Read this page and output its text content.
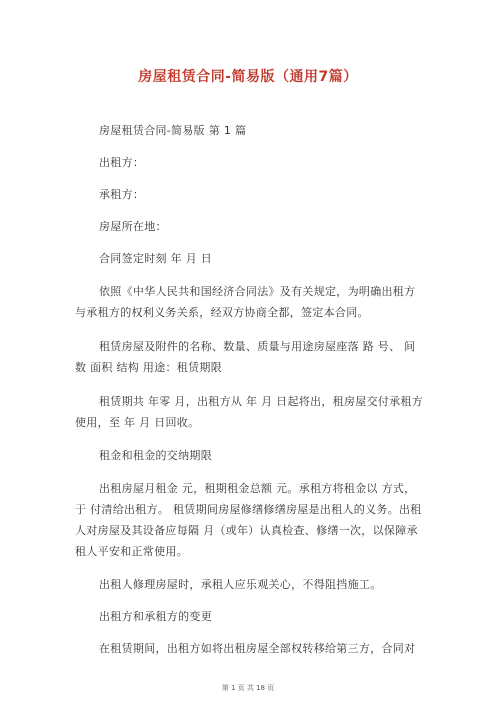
房屋租赁合同-简易版（通用7篇）

房屋租赁合同-简易版 第 1 篇

出租方：

承租方：

房屋所在地：

合同签定时刻 年 月 日

依照《中华人民共和国经济合同法》及有关规定，为明确出租方与承租方的权利义务关系，经双方协商全都，签定本合同。

租赁房屋及附件的名称、数量、质量与用途房屋座落 路 号、 间数 面积 结构 用途：租赁期限

租赁期共 年零 月，出租方从 年 月 日起将出，租房屋交付承租方使用，至 年 月 日回收。

租金和租金的交纳期限

出租房屋月租金 元，租期租金总额 元。承租方将租金以 方式，于 付清给出租方。 租赁期间房屋修缮修缮房屋是出租人的义务。出租人对房屋及其设备应每隔 月（或年）认真检查、修缮一次，以保障承租人平安和正常使用。

出租人修理房屋时，承租人应乐观关心，不得阻挡施工。

出租方和承租方的变更

在租赁期间，出租方如将出租房屋全部权转移给第三方，合同对

第 1 页 共 18 页
